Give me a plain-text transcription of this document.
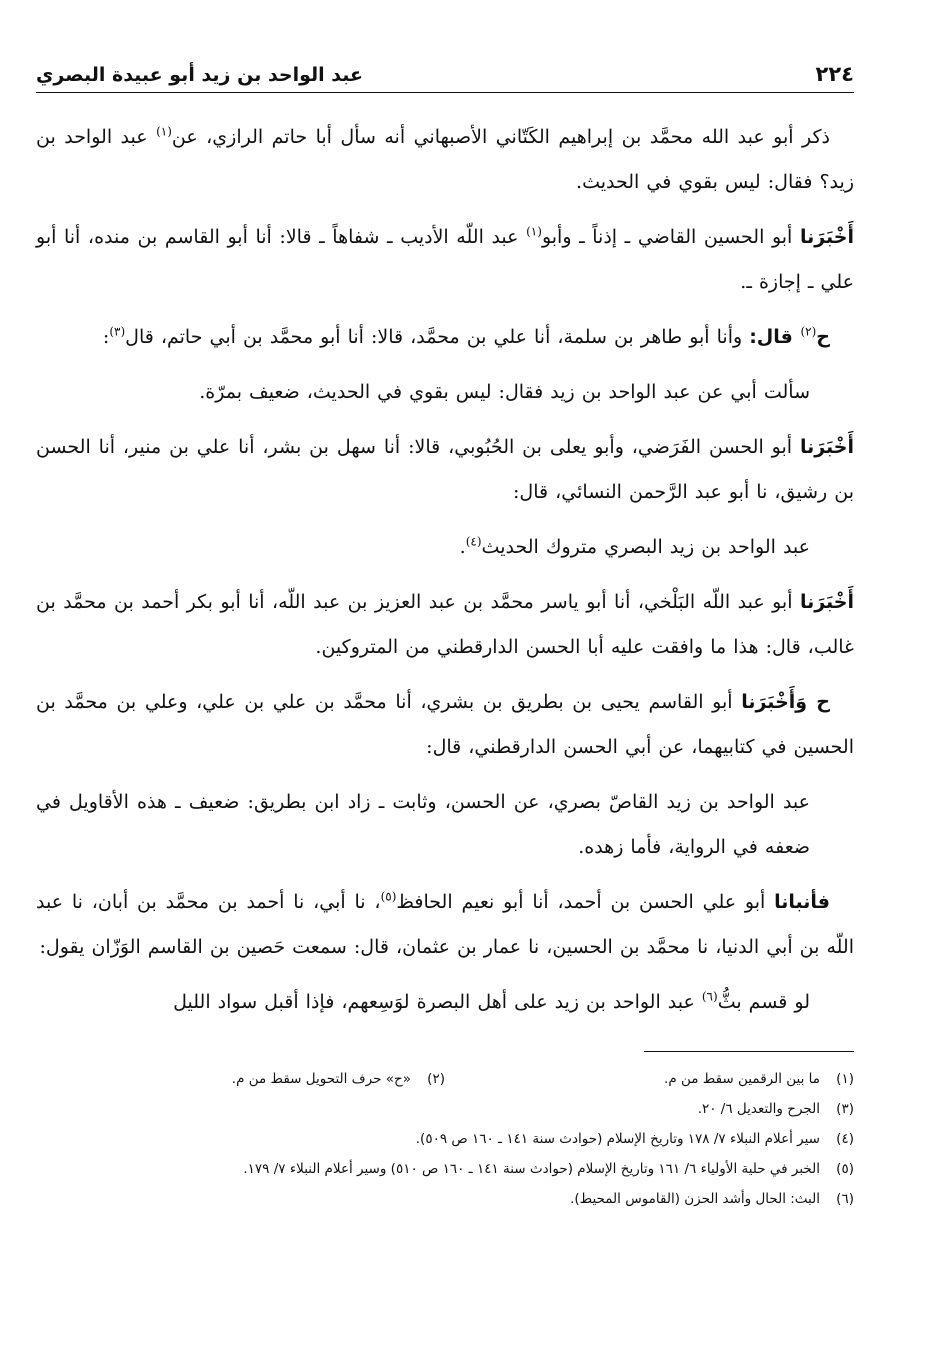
٢٢٤
عبد الواحد بن زيد أبو عبيدة البصري

ذكر أبو عبد الله محمَّد بن إبراهيم الكَتّاني الأصبهاني أنه سأل أبا حاتم الرازي، عن$^{(١)}$ عبد الواحد بن زيد؟ فقال: ليس بقوي في الحديث.

أَخْبَرَنا أبو الحسين القاضي ـ إذناً ـ وأبو$^{(١)}$ عبد اللّه الأديب ـ شفاهاً ـ قالا: أنا أبو القاسم بن منده، أنا أبو علي ـ إجازة ـ.

ح$^{(٢)}$ قال: وأنا أبو طاهر بن سلمة، أنا علي بن محمَّد، قالا: أنا أبو محمَّد بن أبي حاتم، قال$^{(٣)}$:

سألت أبي عن عبد الواحد بن زيد فقال: ليس بقوي في الحديث، ضعيف بمرّة.

أَخْبَرَنا أبو الحسن الفَرَضي، وأبو يعلى بن الحُبُوبي، قالا: أنا سهل بن بشر، أنا علي بن منير، أنا الحسن بن رشيق، نا أبو عبد الرَّحمن النسائي، قال:

عبد الواحد بن زيد البصري متروك الحديث$^{(٤)}$.

أَخْبَرَنا أبو عبد اللّه البَلْخي، أنا أبو ياسر محمَّد بن عبد العزيز بن عبد اللّه، أنا أبو بكر أحمد بن محمَّد بن غالب، قال: هذا ما وافقت عليه أبا الحسن الدارقطني من المتروكين.

ح وَأَخْبَرَنا أبو القاسم يحيى بن بطريق بن بشري، أنا محمَّد بن علي بن علي، وعلي بن محمَّد بن الحسين في كتابيهما، عن أبي الحسن الدارقطني، قال:

عبد الواحد بن زيد القاصّ بصري، عن الحسن، وثابت ـ زاد ابن بطريق: ضعيف ـ هذه الأقاويل في ضعفه في الرواية، فأما زهده.

فأنبانا أبو علي الحسن بن أحمد، أنا أبو نعيم الحافظ$^{(٥)}$، نا أبي، نا أحمد بن محمَّد بن أبان، نا عبد اللّه بن أبي الدنيا، نا محمَّد بن الحسين، نا عمار بن عثمان، قال: سمعت حَصين بن القاسم الوَزّان يقول:

لو قسم بثُّ$^{(٦)}$ عبد الواحد بن زيد على أهل البصرة لوَسِعهم، فإذا أقبل سواد الليل

(١)
ما بين الرقمين سقط من م.
(٢)
«ح» حرف التحويل سقط من م.
(٣)
الجرح والتعديل ٦/ ٢٠.
(٤)
سير أعلام النبلاء ٧/ ١٧٨ وتاريخ الإسلام (حوادث سنة ١٤١ ـ ١٦٠ ص ٥٠٩).
(٥)
الخبر في حلية الأولياء ٦/ ١٦١ وتاريخ الإسلام (حوادث سنة ١٤١ ـ ١٦٠ ص ٥١٠) وسير أعلام النبلاء ٧/ ١٧٩.
(٦)
البث: الحال وأشد الحزن (القاموس المحيط).
